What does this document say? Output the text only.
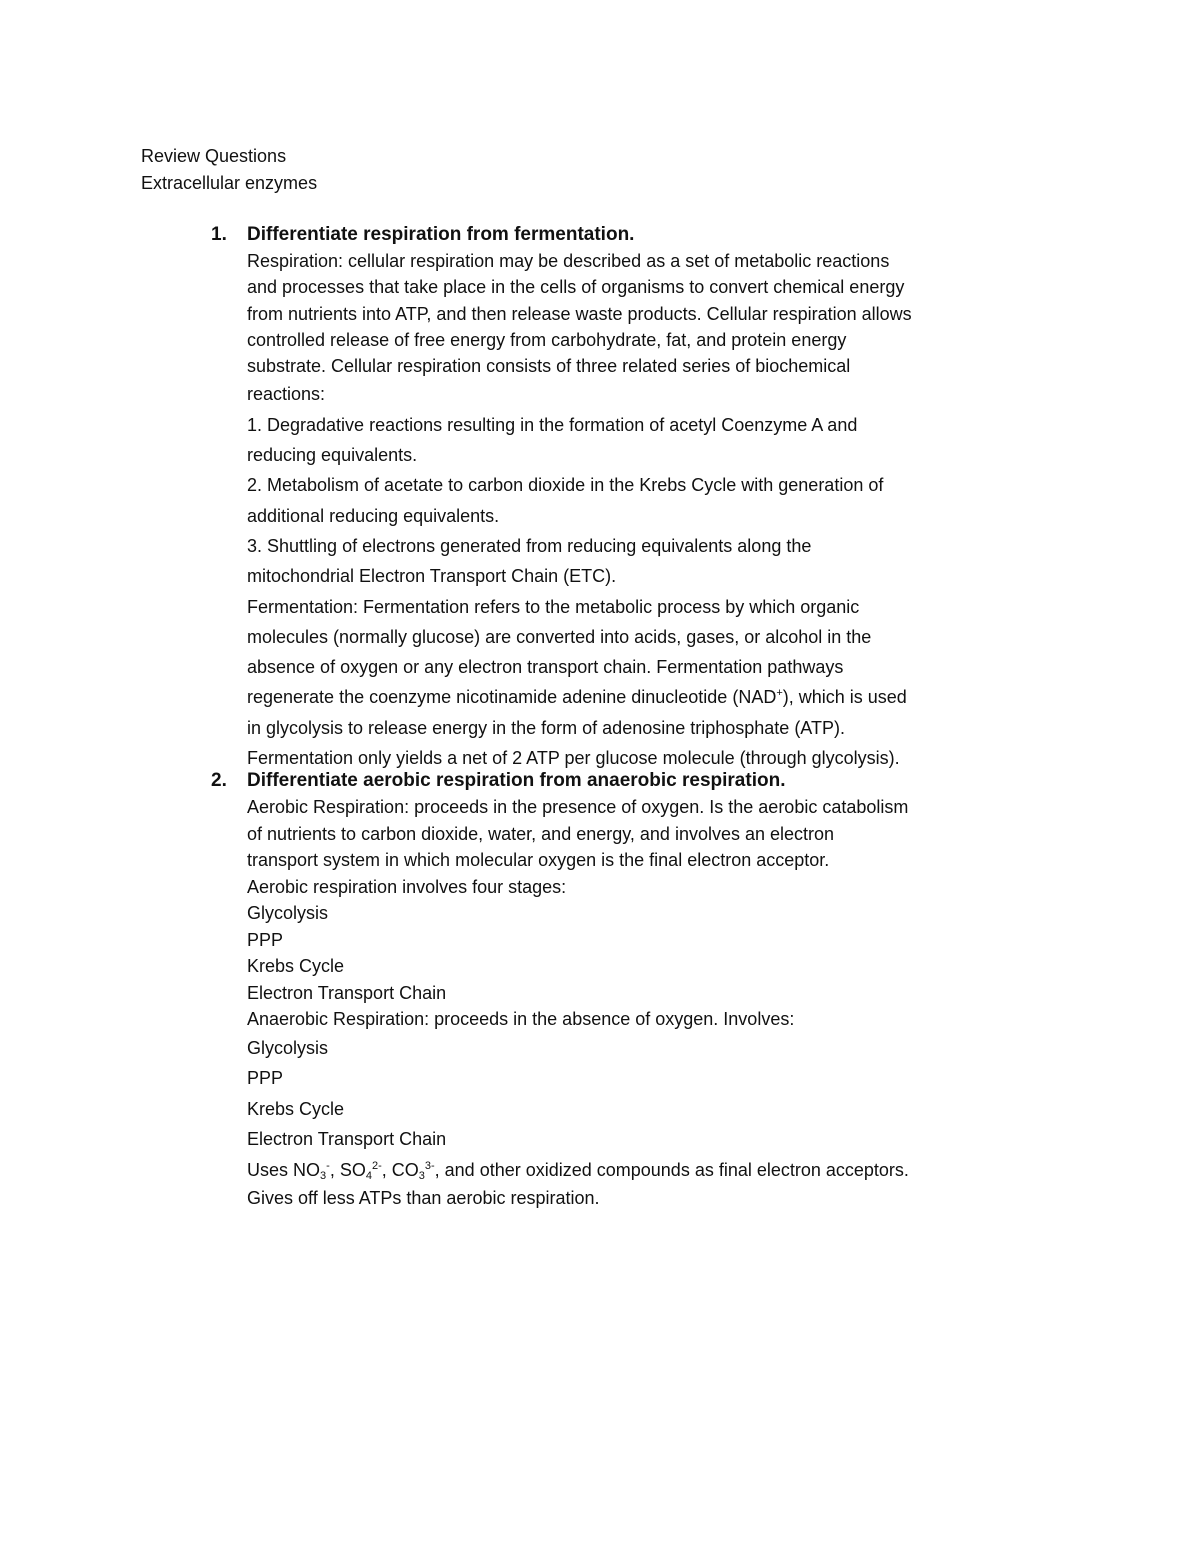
Review Questions
Extracellular enzymes
1.	Differentiate respiration from fermentation.

Respiration: cellular respiration may be described as a set of metabolic reactions

and processes that take place in the cells of organisms to convert chemical energy

from nutrients into ATP, and then release waste products. Cellular respiration allows

controlled release of free energy from carbohydrate, fat, and protein energy

substrate. Cellular respiration consists of three related series of biochemical

reactions:

1. Degradative reactions resulting in the formation of acetyl Coenzyme A and

reducing equivalents.

2. Metabolism of acetate to carbon dioxide in the Krebs Cycle with generation of

additional reducing equivalents.

3. Shuttling of electrons generated from reducing equivalents along the

mitochondrial Electron Transport Chain (ETC).

Fermentation: Fermentation refers to the metabolic process by which organic

molecules (normally glucose) are converted into acids, gases, or alcohol in the

absence of oxygen or any electron transport chain. Fermentation pathways

regenerate the coenzyme nicotinamide adenine dinucleotide (NAD+), which is used

in glycolysis to release energy in the form of adenosine triphosphate (ATP).

Fermentation only yields a net of 2 ATP per glucose molecule (through glycolysis).

2.	Differentiate aerobic respiration from anaerobic respiration.

Aerobic Respiration: proceeds in the presence of oxygen. Is the aerobic catabolism

of nutrients to carbon dioxide, water, and energy, and involves an electron

transport system in which molecular oxygen is the final electron acceptor.

Aerobic respiration involves four stages:

Glycolysis

PPP

Krebs Cycle

Electron Transport Chain

Anaerobic Respiration: proceeds in the absence of oxygen. Involves:

Glycolysis

PPP

Krebs Cycle

Electron Transport Chain

Uses $NO_3^-$, $SO_4^{2-}$, $CO_3^{3-}$, and other oxidized compounds as final electron acceptors.

Gives off less ATPs than aerobic respiration.
